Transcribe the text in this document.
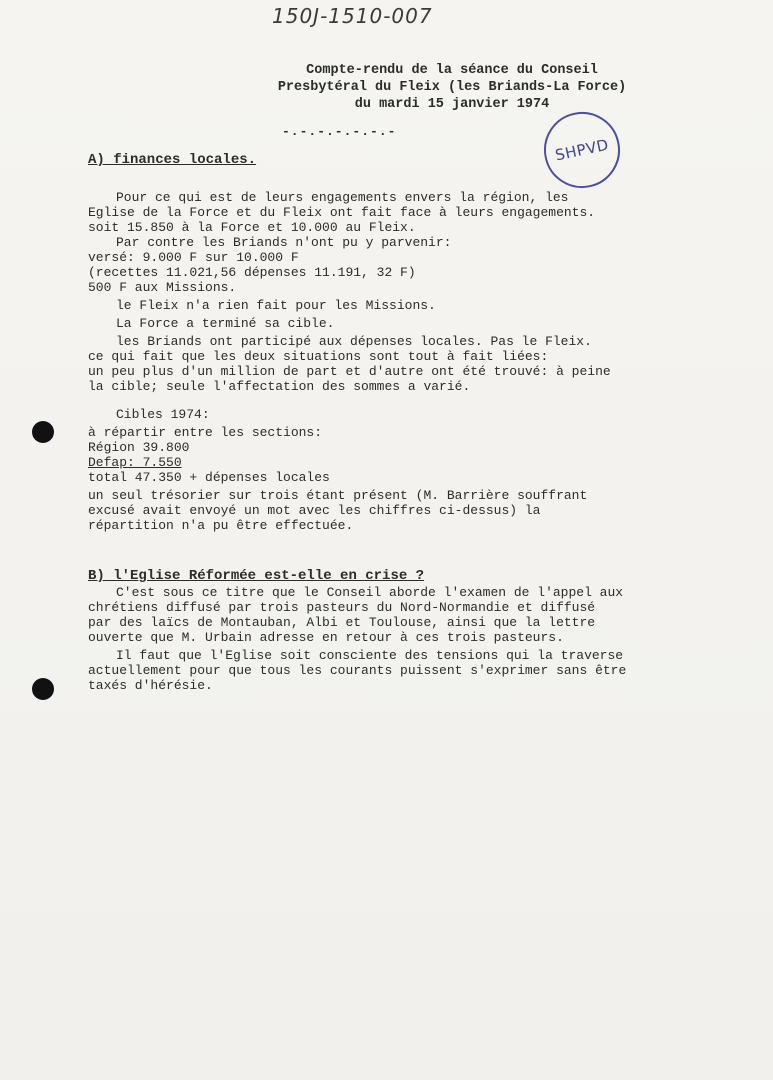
150J-1510-007
Compte-rendu de la séance du Conseil
Presbytéral du Fleix (les Briands-La Force)
du mardi 15 janvier 1974
-.-.-.-.-.-.-
SHPVD
A) finances locales.
Pour ce qui est de leurs engagements envers la région, les
Eglise de la Force et du Fleix ont fait face à leurs engagements.
soit 15.850 à la Force et 10.000 au Fleix.
Par contre les Briands n'ont pu y parvenir:
versé: 9.000 F sur 10.000 F
(recettes 11.021,56 dépenses 11.191, 32 F)
500 F aux Missions.
le Fleix n'a rien fait pour les Missions.
La Force a terminé sa cible.
les Briands ont participé aux dépenses locales. Pas le Fleix.
ce qui fait que les deux situations sont tout à fait liées:
un peu plus d'un million de part et d'autre ont été trouvé: à peine
la cible; seule l'affectation des sommes a varié.
Cibles 1974:
à répartir entre les sections:
Région 39.800
Defap: 7.550
total 47.350 + dépenses locales
un seul trésorier sur trois étant présent (M. Barrière souffrant
excusé avait envoyé un mot avec les chiffres ci-dessus) la
répartition n'a pu être effectuée.
B) l'Eglise Réformée est-elle en crise ?
C'est sous ce titre que le Conseil aborde l'examen de l'appel aux
chrétiens diffusé par trois pasteurs du Nord-Normandie et diffusé
par des laïcs de Montauban, Albi et Toulouse, ainsi que la lettre
ouverte que M. Urbain adresse en retour à ces trois pasteurs.
Il faut que l'Eglise soit consciente des tensions qui la traverse
actuellement pour que tous les courants puissent s'exprimer sans être
taxés d'hérésie.
